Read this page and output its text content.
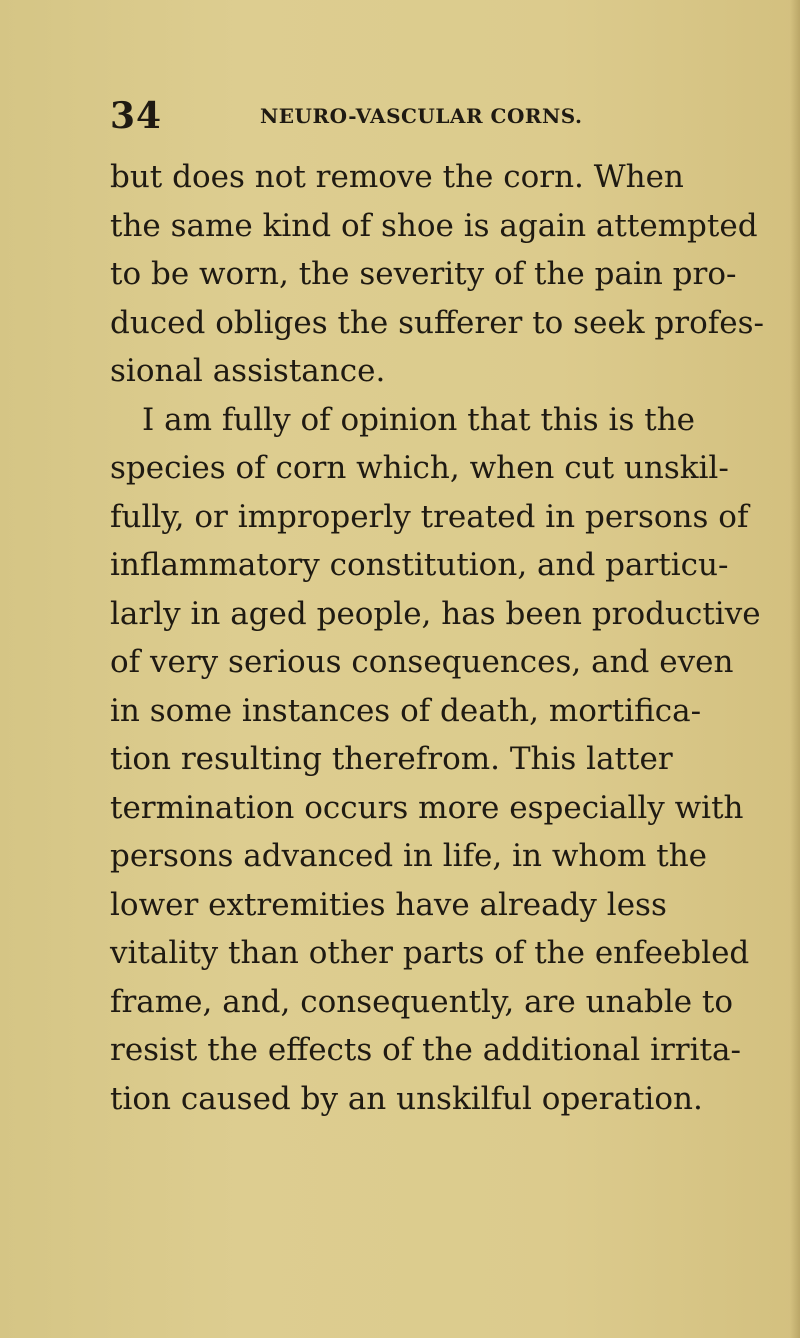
34	NEURO-VASCULAR CORNS.
but does not remove the corn. When
the same kind of shoe is again attempted
to be worn, the severity of the pain pro-
duced obliges the sufferer to seek profes-
sional assistance.
I am fully of opinion that this is the
species of corn which, when cut unskil-
fully, or improperly treated in persons of
inflammatory constitution, and particu-
larly in aged people, has been productive
of very serious consequences, and even
in some instances of death, mortifica-
tion resulting therefrom. This latter
termination occurs more especially with
persons advanced in life, in whom the
lower extremities have already less
vitality than other parts of the enfeebled
frame, and, consequently, are unable to
resist the effects of the additional irrita-
tion caused by an unskilful operation.
